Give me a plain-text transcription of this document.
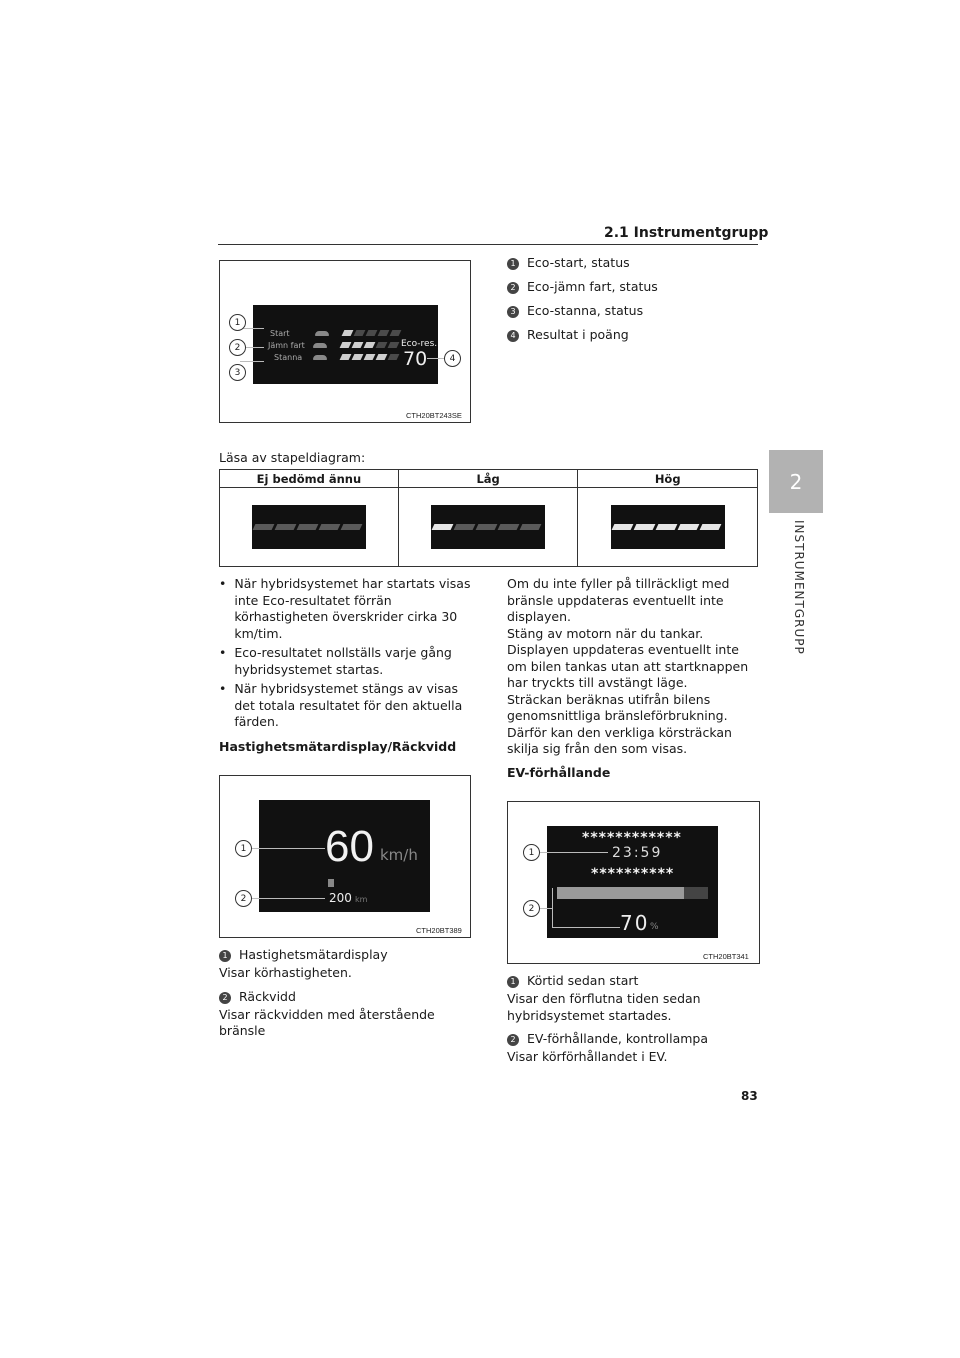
2.1 Instrumentgrupp
2
INSTRUMENTGRUPP
Start
Jämn fart
Stanna
Eco-res.
70
1
2
3
4
CTH20BT243SE
1 Eco-start, status
2 Eco-jämn fart, status
3 Eco-stanna, status
4 Resultat i poäng
Läsa av stapeldiagram:
Ej bedömd ännu	Låg	Hög

• När hybridsystemet har startats visas inte Eco-resultatet förrän körhastigheten överskrider cirka 30 km/tim.
• Eco-resultatet nollställs varje gång hybridsystemet startas.
• När hybridsystemet stängs av visas det totala resultatet för den aktuella färden.
Hastighetsmätardisplay/Räckvidd
60 km/h
200 km
1
2
CTH20BT389
1 Hastighetsmätardisplay
Visar körhastigheten.
2 Räckvidd
Visar räckvidden med återstående bränsle
Om du inte fyller på tillräckligt med bränsle uppdateras eventuellt inte displayen.
Stäng av motorn när du tankar. Displayen uppdateras eventuellt inte om bilen tankas utan att startknappen har tryckts till avstängt läge.
Sträckan beräknas utifrån bilens genomsnittliga bränsleförbrukning. Därför kan den verkliga körsträckan skilja sig från den som visas.
EV-förhållande
************
23:59
**********
70 %
1
2
CTH20BT341
1 Körtid sedan start
Visar den förflutna tiden sedan hybridsystemet startades.
2 EV-förhållande, kontrollampa
Visar körförhållandet i EV.
83
